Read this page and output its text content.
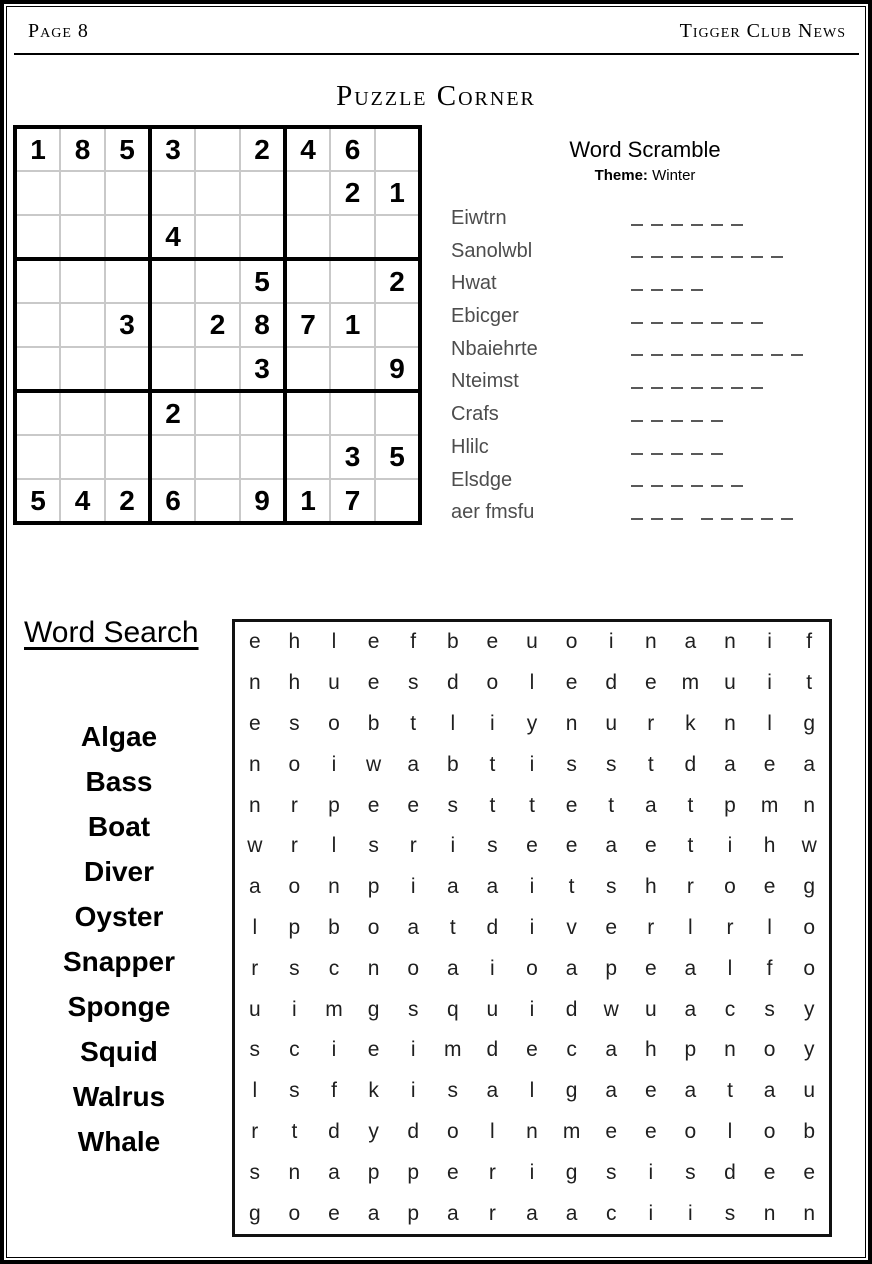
Page 8	Tigger Club News
Puzzle Corner
1	8	5	3		2	4	6	
							2	1
			4					
					5			2
		3		2	8	7	1	
					3			9
			2					
							3	5
5	4	2	6		9	1	7	
Word Scramble
Theme: Winter
Eiwtrn
Sanolwbl
Hwat
Ebicger
Nbaiehrte
Nteimst
Crafs
Hlilc
Elsdge
aer fmsfu
Word Search
Algae
Bass
Boat
Diver
Oyster
Snapper
Sponge
Squid
Walrus
Whale
e	h	l	e	f	b	e	u	o	i	n	a	n	i	f
n	h	u	e	s	d	o	l	e	d	e	m	u	i	t
e	s	o	b	t	l	i	y	n	u	r	k	n	l	g
n	o	i	w	a	b	t	i	s	s	t	d	a	e	a
n	r	p	e	e	s	t	t	e	t	a	t	p	m	n
w	r	l	s	r	i	s	e	e	a	e	t	i	h	w
a	o	n	p	i	a	a	i	t	s	h	r	o	e	g
l	p	b	o	a	t	d	i	v	e	r	l	r	l	o
r	s	c	n	o	a	i	o	a	p	e	a	l	f	o
u	i	m	g	s	q	u	i	d	w	u	a	c	s	y
s	c	i	e	i	m	d	e	c	a	h	p	n	o	y
l	s	f	k	i	s	a	l	g	a	e	a	t	a	u
r	t	d	y	d	o	l	n	m	e	e	o	l	o	b
s	n	a	p	p	e	r	i	g	s	i	s	d	e	e
g	o	e	a	p	a	r	a	a	c	i	i	s	n	n
